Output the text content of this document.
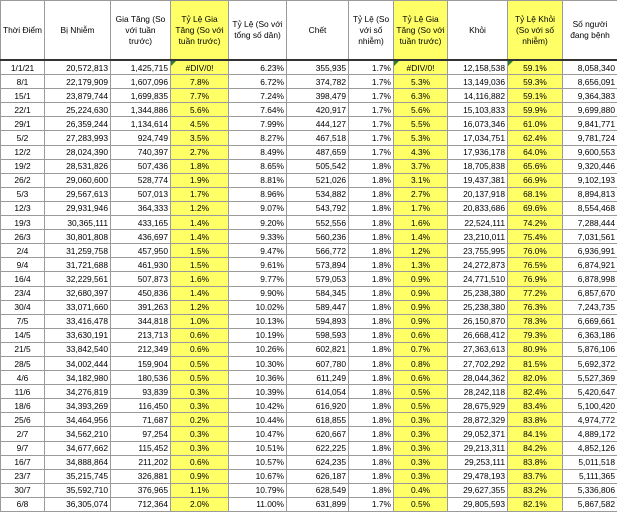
Thời Điểm	Bị Nhiễm	Gia Tăng (So với tuần trước)	Tỷ Lệ Gia Tăng (So với tuần trước)	Tỷ Lệ (So với tổng số dân)	Chết	Tỷ Lệ (So với số nhiễm)	Tỷ Lệ Gia Tăng (So với tuần trước)	Khỏi	Tỷ Lệ Khỏi (So với số nhiễm)	Số người đang bệnh
1/1/21	20,572,813	1,425,715	#DIV/0!	6.23%	355,935	1.7%	#DIV/0!	12,158,538	59.1%	8,058,340
8/1	22,179,909	1,607,096	7.8%	6.72%	374,782	1.7%	5.3%	13,149,036	59.3%	8,656,091
15/1	23,879,744	1,699,835	7.7%	7.24%	398,479	1.7%	6.3%	14,116,882	59.1%	9,364,383
22/1	25,224,630	1,344,886	5.6%	7.64%	420,917	1.7%	5.6%	15,103,833	59.9%	9,699,880
29/1	26,359,244	1,134,614	4.5%	7.99%	444,127	1.7%	5.5%	16,073,346	61.0%	9,841,771
5/2	27,283,993	924,749	3.5%	8.27%	467,518	1.7%	5.3%	17,034,751	62.4%	9,781,724
12/2	28,024,390	740,397	2.7%	8.49%	487,659	1.7%	4.3%	17,936,178	64.0%	9,600,553
19/2	28,531,826	507,436	1.8%	8.65%	505,542	1.8%	3.7%	18,705,838	65.6%	9,320,446
26/2	29,060,600	528,774	1.9%	8.81%	521,026	1.8%	3.1%	19,437,381	66.9%	9,102,193
5/3	29,567,613	507,013	1.7%	8.96%	534,882	1.8%	2.7%	20,137,918	68.1%	8,894,813
12/3	29,931,946	364,333	1.2%	9.07%	543,792	1.8%	1.7%	20,833,686	69.6%	8,554,468
19/3	30,365,111	433,165	1.4%	9.20%	552,556	1.8%	1.6%	22,524,111	74.2%	7,288,444
26/3	30,801,808	436,697	1.4%	9.33%	560,236	1.8%	1.4%	23,210,011	75.4%	7,031,561
2/4	31,259,758	457,950	1.5%	9.47%	566,772	1.8%	1.2%	23,755,995	76.0%	6,936,991
9/4	31,721,688	461,930	1.5%	9.61%	573,894	1.8%	1.3%	24,272,873	76.5%	6,874,921
16/4	32,229,561	507,873	1.6%	9.77%	579,053	1.8%	0.9%	24,771,510	76.9%	6,878,998
23/4	32,680,397	450,836	1.4%	9.90%	584,345	1.8%	0.9%	25,238,380	77.2%	6,857,670
30/4	33,071,660	391,263	1.2%	10.02%	589,447	1.8%	0.9%	25,238,380	76.3%	7,243,735
7/5	33,416,478	344,818	1.0%	10.13%	594,893	1.8%	0.9%	26,150,870	78.3%	6,669,661
14/5	33,630,191	213,713	0.6%	10.19%	598,593	1.8%	0.6%	26,668,412	79.3%	6,363,186
21/5	33,842,540	212,349	0.6%	10.26%	602,821	1.8%	0.7%	27,363,613	80.9%	5,876,106
28/5	34,002,444	159,904	0.5%	10.30%	607,780	1.8%	0.8%	27,702,292	81.5%	5,692,372
4/6	34,182,980	180,536	0.5%	10.36%	611,249	1.8%	0.6%	28,044,362	82.0%	5,527,369
11/6	34,276,819	93,839	0.3%	10.39%	614,054	1.8%	0.5%	28,242,118	82.4%	5,420,647
18/6	34,393,269	116,450	0.3%	10.42%	616,920	1.8%	0.5%	28,675,929	83.4%	5,100,420
25/6	34,464,956	71,687	0.2%	10.44%	618,855	1.8%	0.3%	28,872,329	83.8%	4,974,772
2/7	34,562,210	97,254	0.3%	10.47%	620,667	1.8%	0.3%	29,052,371	84.1%	4,889,172
9/7	34,677,662	115,452	0.3%	10.51%	622,225	1.8%	0.3%	29,213,311	84.2%	4,852,126
16/7	34,888,864	211,202	0.6%	10.57%	624,235	1.8%	0.3%	29,253,111	83.8%	5,011,518
23/7	35,215,745	326,881	0.9%	10.67%	626,187	1.8%	0.3%	29,478,193	83.7%	5,111,365
30/7	35,592,710	376,965	1.1%	10.79%	628,549	1.8%	0.4%	29,627,355	83.2%	5,336,806
6/8	36,305,074	712,364	2.0%	11.00%	631,899	1.7%	0.5%	29,805,593	82.1%	5,867,582
